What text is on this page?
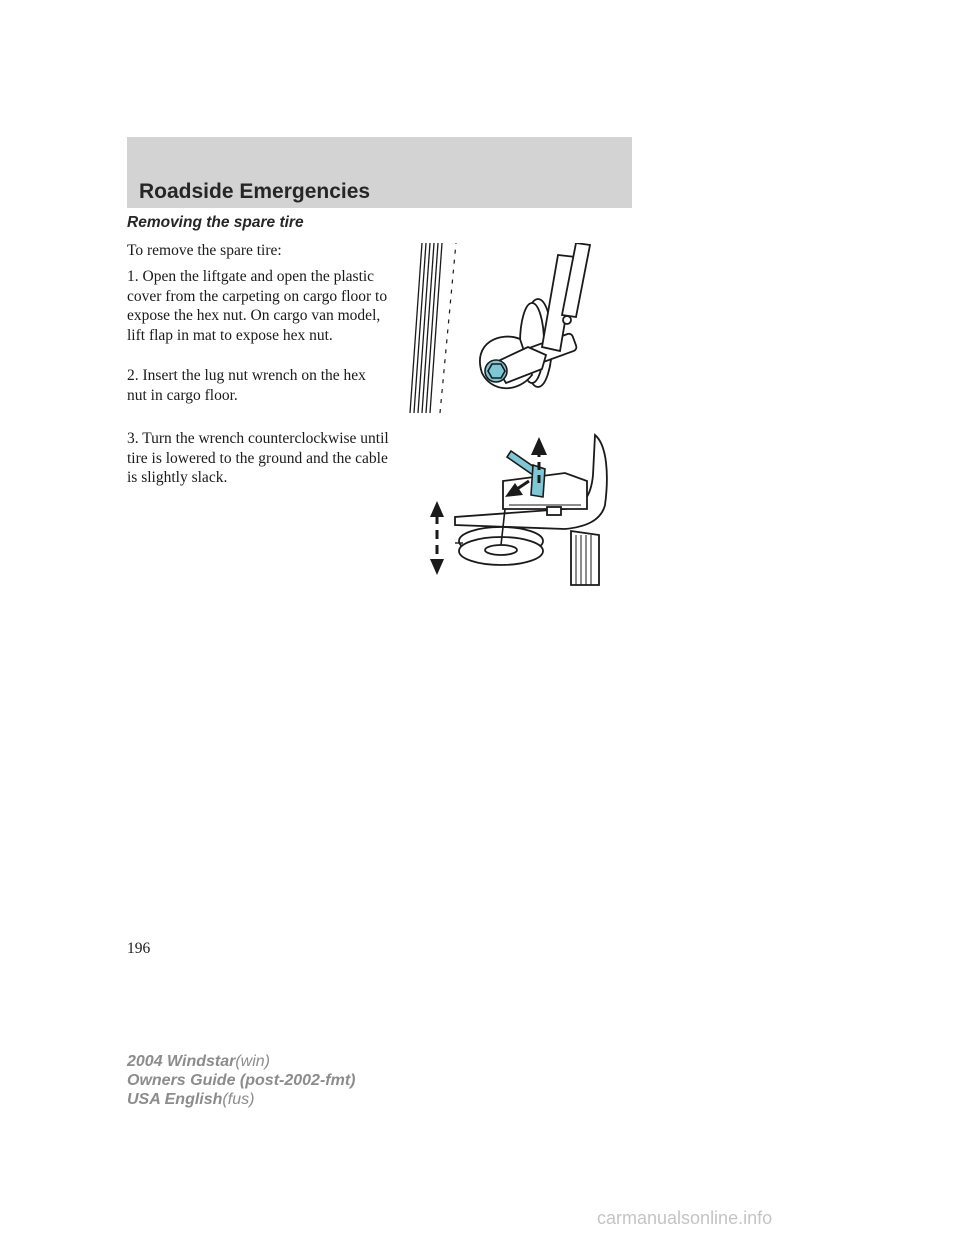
Roadside Emergencies
Removing the spare tire
To remove the spare tire:
1. Open the liftgate and open the plastic cover from the carpeting on cargo floor to expose the hex nut. On cargo van model, lift flap in mat to expose hex nut.
2. Insert the lug nut wrench on the hex nut in cargo floor.
3. Turn the wrench counterclockwise until tire is lowered to the ground and the cable is slightly slack.
196
2004 Windstar(win)
Owners Guide (post-2002-fmt)
USA English(fus)
carmanualsonline.info
